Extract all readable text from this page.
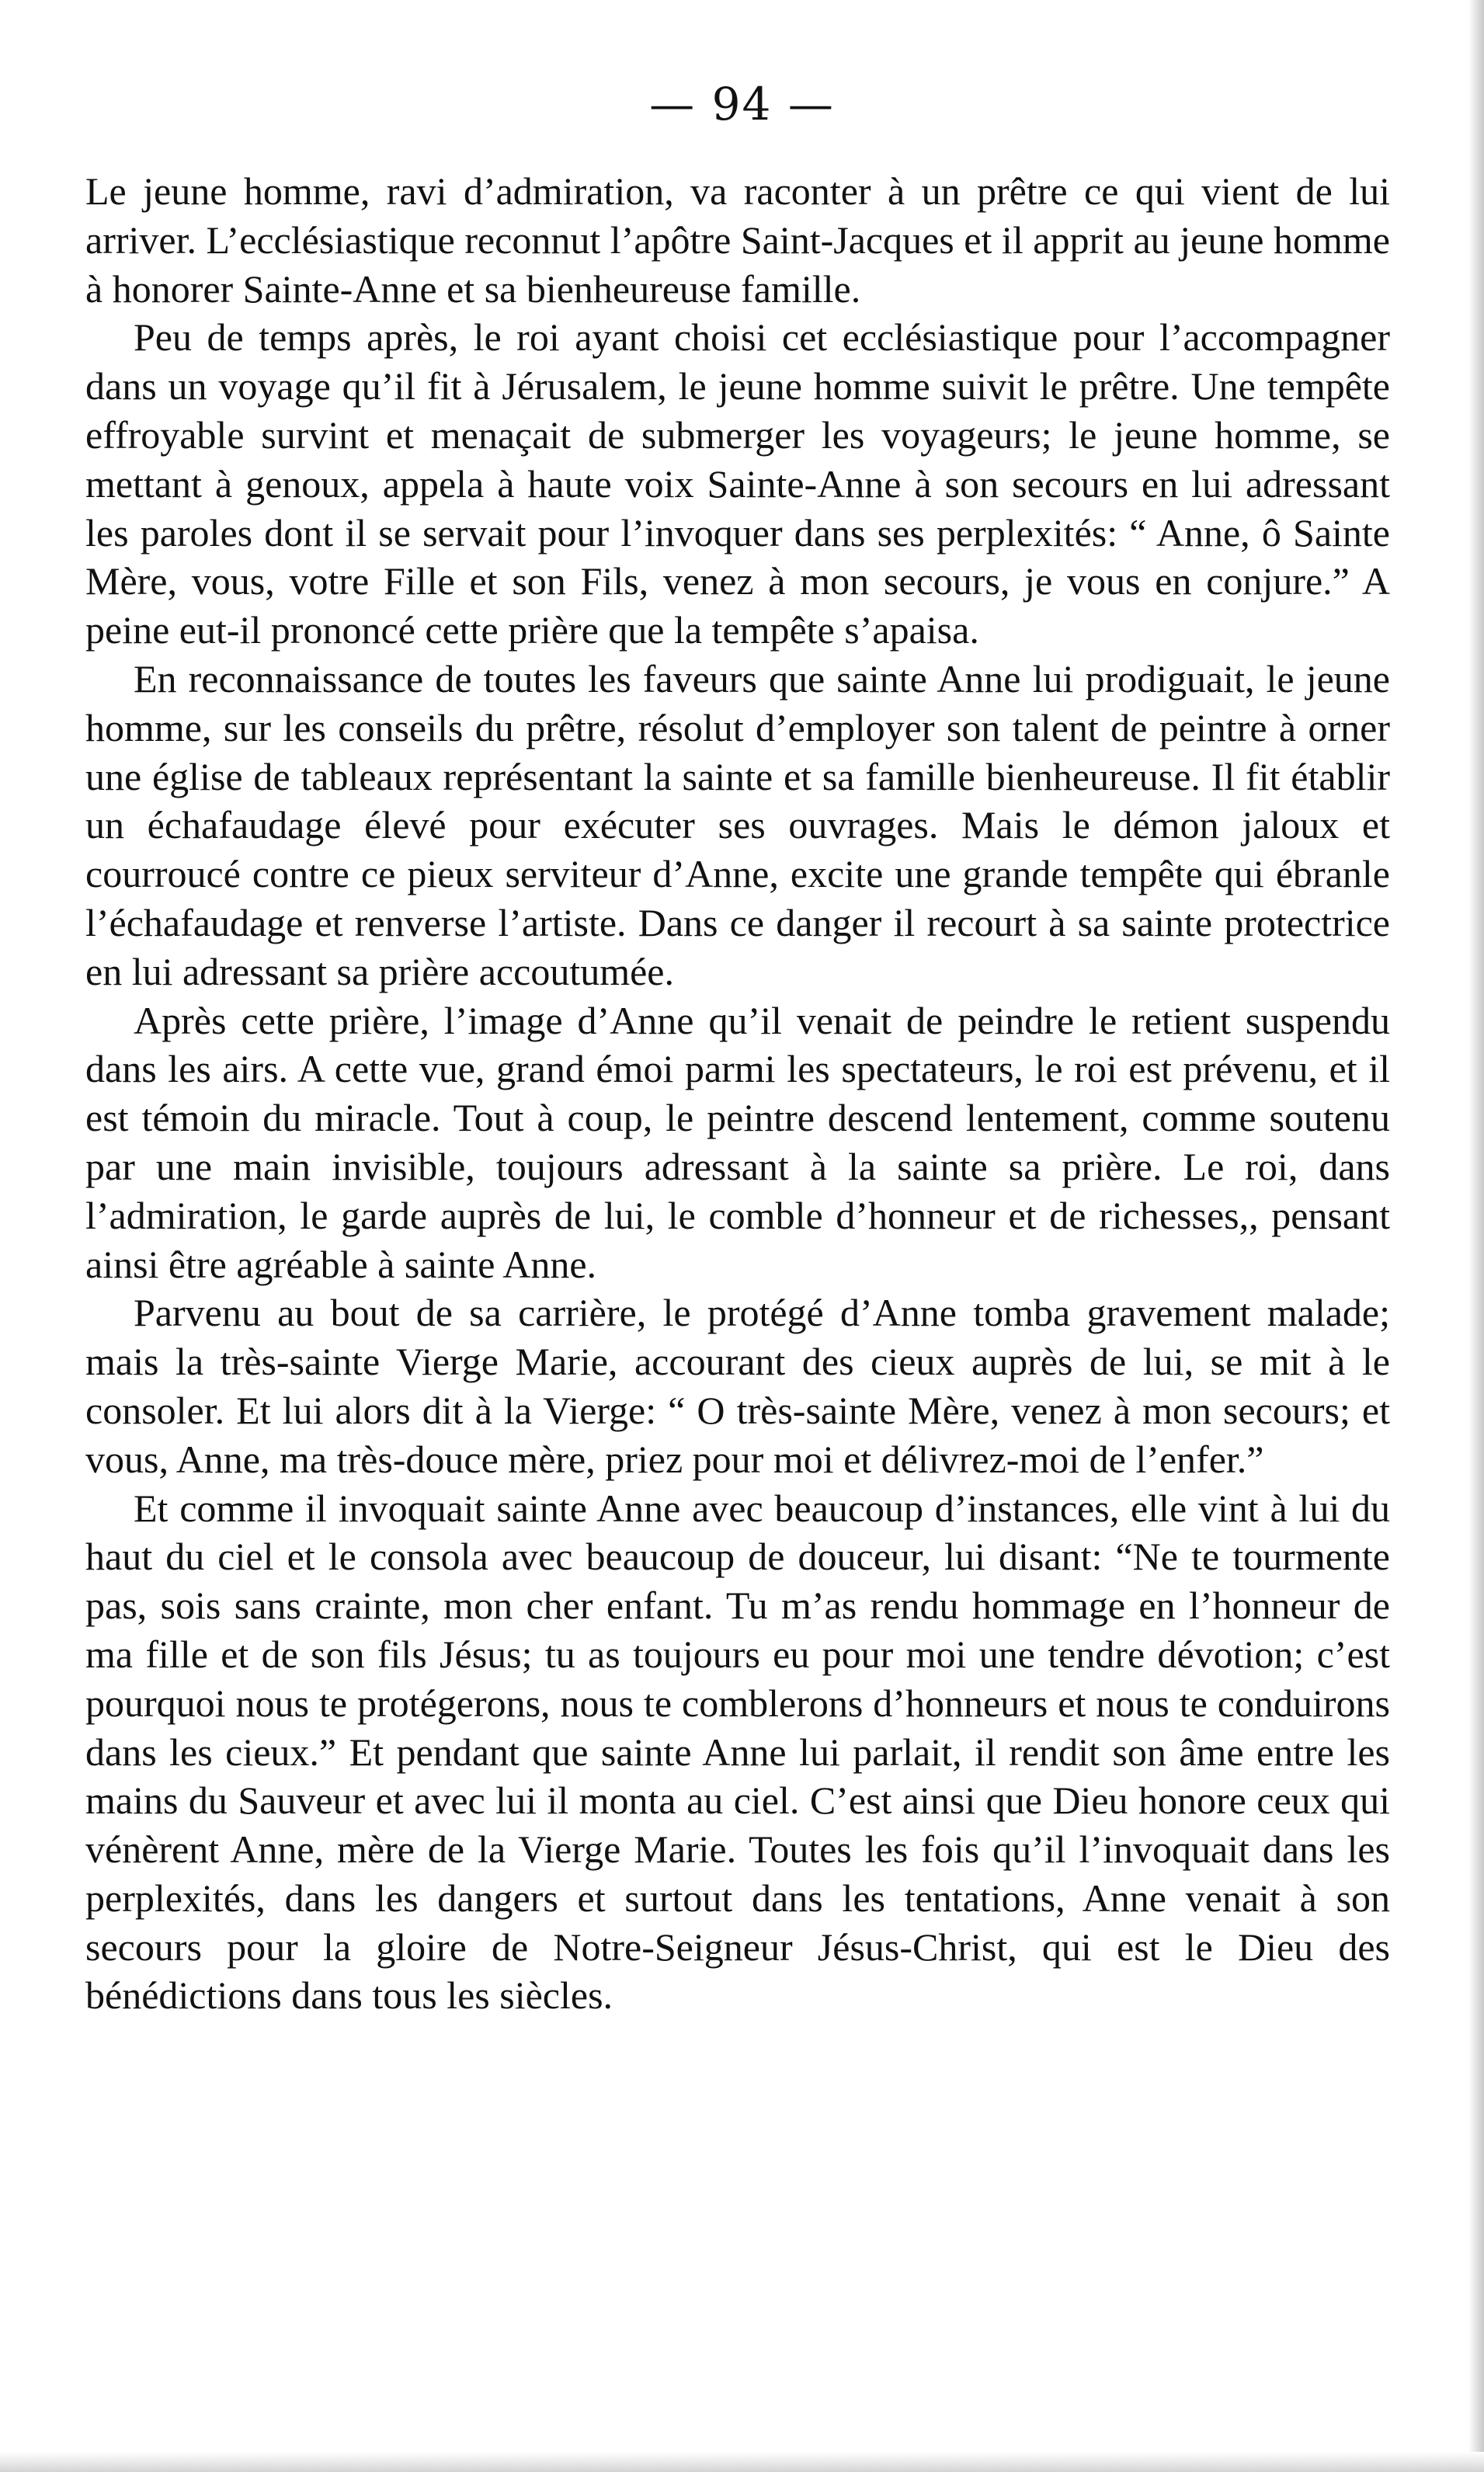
— 94 —

Le jeune homme, ravi d’admiration, va raconter à un prêtre ce qui vient de lui arriver. L’ecclésiastique reconnut l’apôtre Saint-Jacques et il apprit au jeune homme à honorer Sainte-Anne et sa bienheureuse famille.

Peu de temps après, le roi ayant choisi cet ecclésiastique pour l’accompagner dans un voyage qu’il fit à Jérusalem, le jeune homme suivit le prêtre. Une tempête effroyable survint et menaçait de submerger les voyageurs; le jeune homme, se mettant à genoux, appela à haute voix Sainte-Anne à son secours en lui adressant les paroles dont il se servait pour l’invoquer dans ses perplexités: “ Anne, ô Sainte Mère, vous, votre Fille et son Fils, venez à mon secours, je vous en conjure.” A peine eut-il prononcé cette prière que la tempête s’apaisa.

En reconnaissance de toutes les faveurs que sainte Anne lui prodiguait, le jeune homme, sur les conseils du prêtre, résolut d’employer son talent de peintre à orner une église de tableaux représentant la sainte et sa famille bienheureuse. Il fit établir un échafaudage élevé pour exécuter ses ouvrages. Mais le démon jaloux et courroucé contre ce pieux serviteur d’Anne, excite une grande tempête qui ébranle l’échafaudage et renverse l’artiste. Dans ce danger il recourt à sa sainte protectrice en lui adressant sa prière accoutumée.

Après cette prière, l’image d’Anne qu’il venait de peindre le retient suspendu dans les airs. A cette vue, grand émoi parmi les spectateurs, le roi est prévenu, et il est témoin du miracle. Tout à coup, le peintre descend lentement, comme soutenu par une main invisible, toujours adressant à la sainte sa prière. Le roi, dans l’admiration, le garde auprès de lui, le comble d’honneur et de richesses,, pensant ainsi être agréable à sainte Anne.

Parvenu au bout de sa carrière, le protégé d’Anne tomba gravement malade; mais la très-sainte Vierge Marie, accourant des cieux auprès de lui, se mit à le consoler. Et lui alors dit à la Vierge: “ O très-sainte Mère, venez à mon secours; et vous, Anne, ma très-douce mère, priez pour moi et délivrez-moi de l’enfer.”

Et comme il invoquait sainte Anne avec beaucoup d’instances, elle vint à lui du haut du ciel et le consola avec beaucoup de douceur, lui disant: “Ne te tourmente pas, sois sans crainte, mon cher enfant. Tu m’as rendu hommage en l’honneur de ma fille et de son fils Jésus; tu as toujours eu pour moi une tendre dévotion; c’est pourquoi nous te protégerons, nous te comblerons d’honneurs et nous te conduirons dans les cieux.” Et pendant que sainte Anne lui parlait, il rendit son âme entre les mains du Sauveur et avec lui il monta au ciel. C’est ainsi que Dieu honore ceux qui vénèrent Anne, mère de la Vierge Marie. Toutes les fois qu’il l’invoquait dans les perplexités, dans les dangers et surtout dans les tentations, Anne venait à son secours pour la gloire de Notre-Seigneur Jésus-Christ, qui est le Dieu des bénédictions dans tous les siècles.
